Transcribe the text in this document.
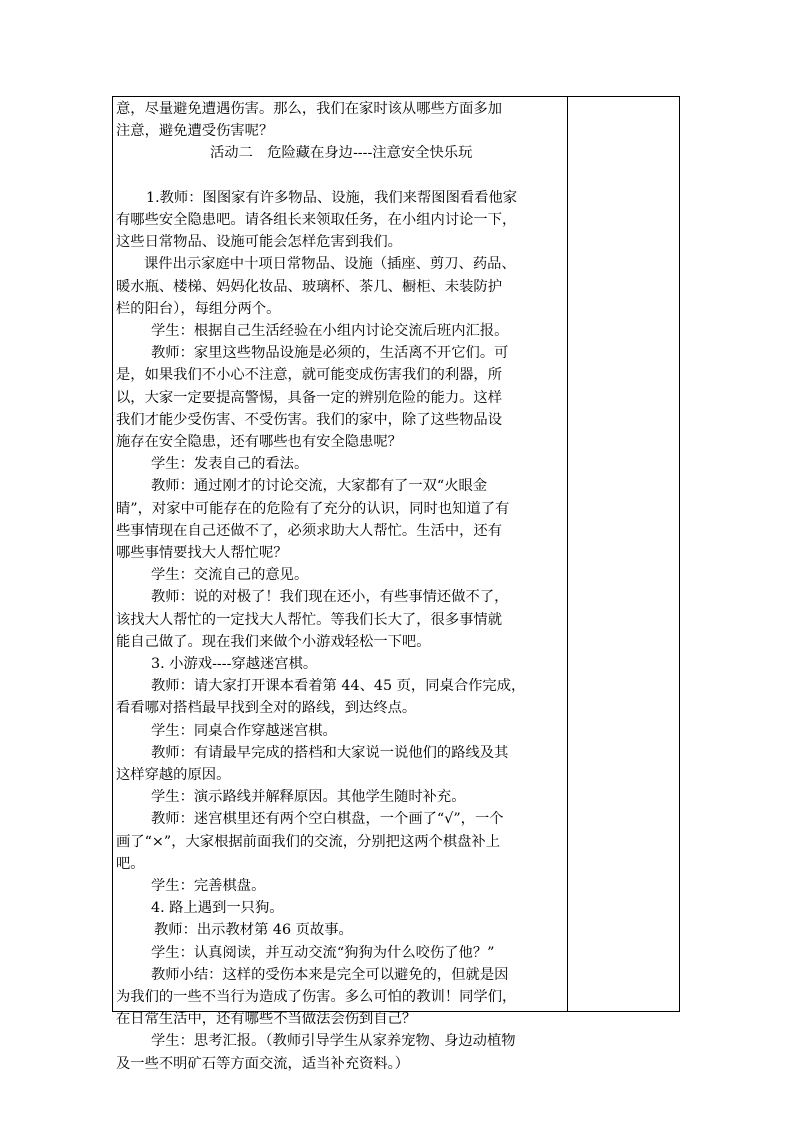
意，尽量避免遭遇伤害。那么，我们在家时该从哪些方面多加
注意，避免遭受伤害呢？
活动二　危险藏在身边----注意安全快乐玩
1.教师：图图家有许多物品、设施，我们来帮图图看看他家
有哪些安全隐患吧。请各组长来领取任务，在小组内讨论一下，
这些日常物品、设施可能会怎样危害到我们。
课件出示家庭中十项日常物品、设施（插座、剪刀、药品、
暖水瓶、楼梯、妈妈化妆品、玻璃杯、茶几、橱柜、未装防护
栏的阳台），每组分两个。
学生：根据自己生活经验在小组内讨论交流后班内汇报。
教师：家里这些物品设施是必须的，生活离不开它们。可
是，如果我们不小心不注意，就可能变成伤害我们的利器，所
以，大家一定要提高警惕，具备一定的辨别危险的能力。这样
我们才能少受伤害、不受伤害。我们的家中，除了这些物品设
施存在安全隐患，还有哪些也有安全隐患呢？
学生：发表自己的看法。
教师：通过刚才的讨论交流，大家都有了一双“火眼金
睛”，对家中可能存在的危险有了充分的认识，同时也知道了有
些事情现在自己还做不了，必须求助大人帮忙。生活中，还有
哪些事情要找大人帮忙呢？
学生：交流自己的意见。
教师：说的对极了！我们现在还小，有些事情还做不了，
该找大人帮忙的一定找大人帮忙。等我们长大了，很多事情就
能自己做了。现在我们来做个小游戏轻松一下吧。
3. 小游戏----穿越迷宫棋。
教师：请大家打开课本看着第 44、45 页，同桌合作完成，
看看哪对搭档最早找到全对的路线，到达终点。
学生：同桌合作穿越迷宫棋。
教师：有请最早完成的搭档和大家说一说他们的路线及其
这样穿越的原因。
学生：演示路线并解释原因。其他学生随时补充。
教师：迷宫棋里还有两个空白棋盘，一个画了“√”，一个
画了“×”，大家根据前面我们的交流，分别把这两个棋盘补上
吧。
学生：完善棋盘。
4. 路上遇到一只狗。
教师：出示教材第 46 页故事。
学生：认真阅读，并互动交流“狗狗为什么咬伤了他？”
教师小结：这样的受伤本来是完全可以避免的，但就是因
为我们的一些不当行为造成了伤害。多么可怕的教训！同学们，
在日常生活中，还有哪些不当做法会伤到自己？
学生：思考汇报。（教师引导学生从家养宠物、身边动植物
及一些不明矿石等方面交流，适当补充资料。）
